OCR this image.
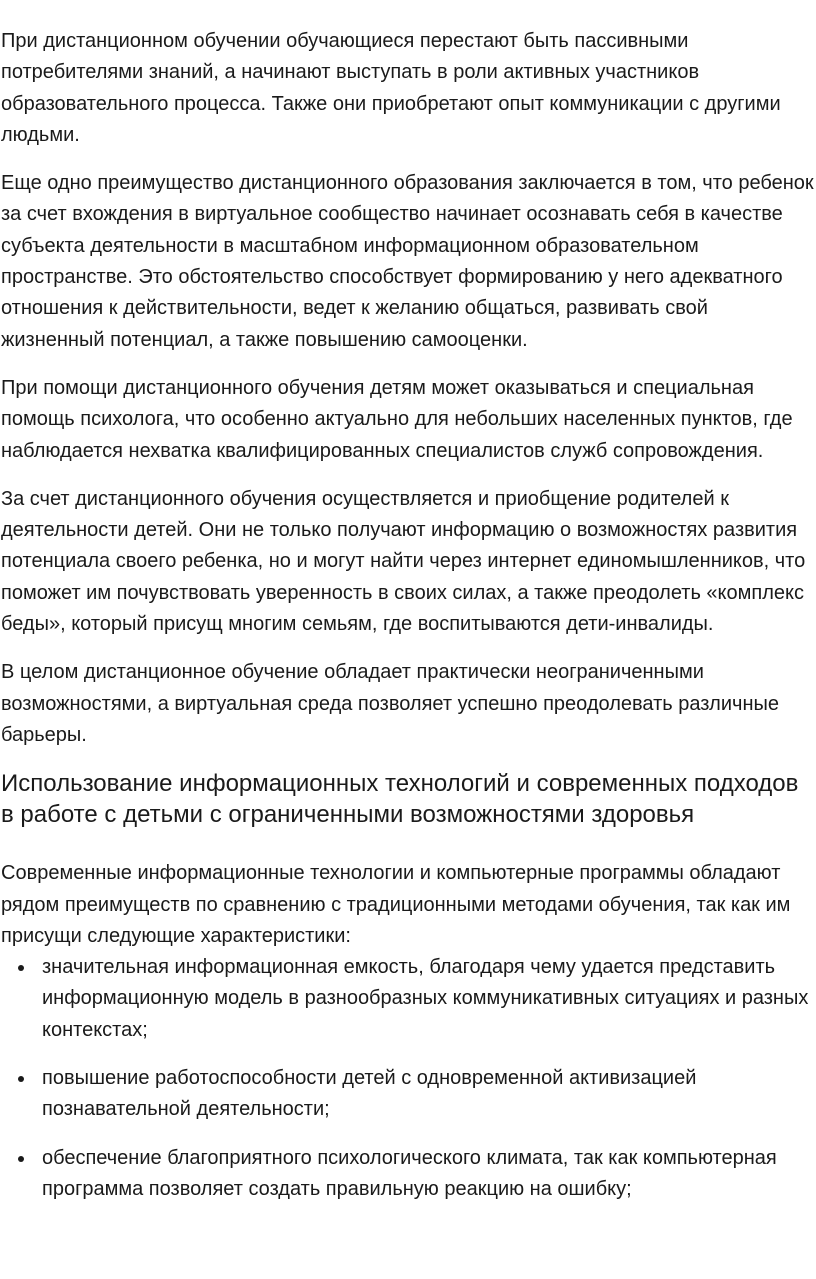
При дистанционном обучении обучающиеся перестают быть пассивными потребителями знаний, а начинают выступать в роли активных участников образовательного процесса. Также они приобретают опыт коммуникации с другими людьми.

Еще одно преимущество дистанционного образования заключается в том, что ребенок за счет вхождения в виртуальное сообщество начинает осознавать себя в качестве субъекта деятельности в масштабном информационном образовательном пространстве. Это обстоятельство способствует формированию у него адекватного отношения к действительности, ведет к желанию общаться, развивать свой жизненный потенциал, а также повышению самооценки.

При помощи дистанционного обучения детям может оказываться и специальная помощь психолога, что особенно актуально для небольших населенных пунктов, где наблюдается нехватка квалифицированных специалистов служб сопровождения.

За счет дистанционного обучения осуществляется и приобщение родителей к деятельности детей. Они не только получают информацию о возможностях развития потенциала своего ребенка, но и могут найти через интернет единомышленников, что поможет им почувствовать уверенность в своих силах, а также преодолеть «комплекс беды», который присущ многим семьям, где воспитываются дети-инвалиды.

В целом дистанционное обучение обладает практически неограниченными возможностями, а виртуальная среда позволяет успешно преодолевать различные барьеры.

Использование информационных технологий и современных подходов в работе с детьми с ограниченными возможностями здоровья

Современные информационные технологии и компьютерные программы обладают рядом преимуществ по сравнению с традиционными методами обучения, так как им присущи следующие характеристики:

значительная информационная емкость, благодаря чему удается представить информационную модель в разнообразных коммуникативных ситуациях и разных контекстах;
повышение работоспособности детей с одновременной активизацией познавательной деятельности;
обеспечение благоприятного психологического климата, так как компьютерная программа позволяет создать правильную реакцию на ошибку;
